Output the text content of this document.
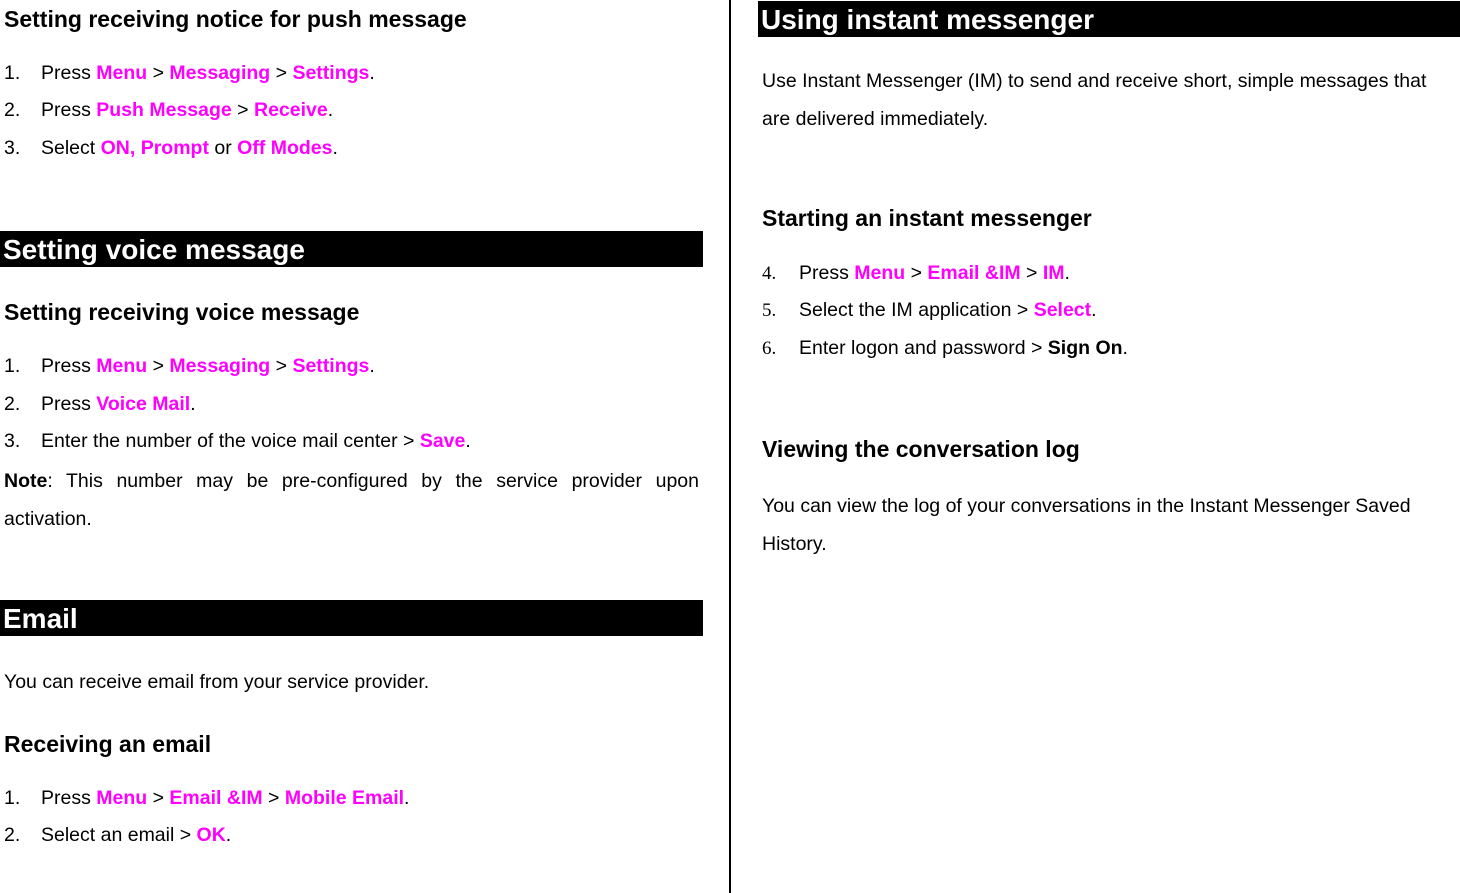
Setting receiving notice for push message
1. Press Menu > Messaging > Settings.
2. Press Push Message > Receive.
3. Select ON, Prompt or Off Modes.
Setting voice message
Setting receiving voice message
1. Press Menu > Messaging > Settings.
2. Press Voice Mail.
3. Enter the number of the voice mail center > Save.
Note: This number may be pre-configured by the service provider upon activation.
Email
You can receive email from your service provider.
Receiving an email
1. Press Menu > Email &IM > Mobile Email.
2. Select an email > OK.
Using instant messenger
Use Instant Messenger (IM) to send and receive short, simple messages that are delivered immediately.
Starting an instant messenger
4. Press Menu > Email &IM > IM.
5. Select the IM application > Select.
6. Enter logon and password > Sign On.
Viewing the conversation log
You can view the log of your conversations in the Instant Messenger Saved History.
